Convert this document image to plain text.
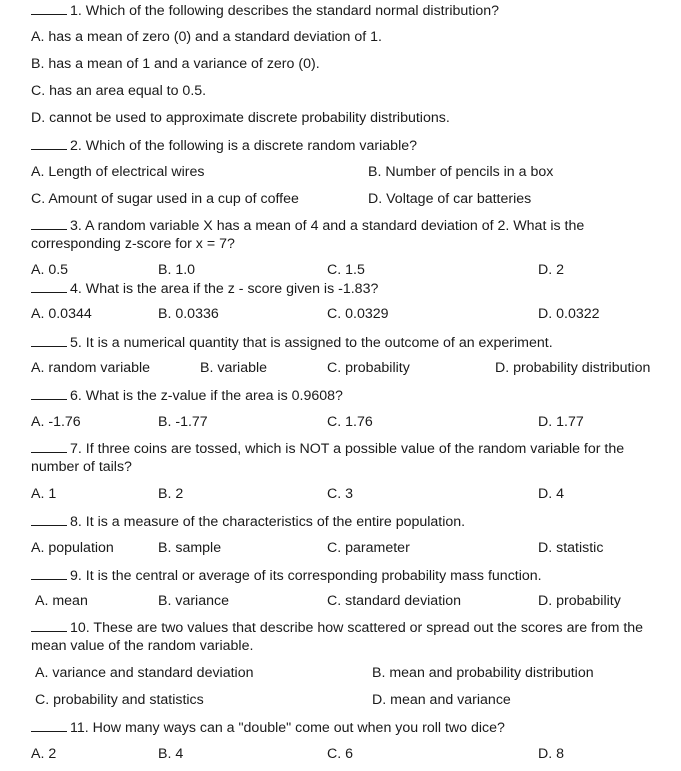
1. Which of the following describes the standard normal distribution?
A. has a mean of zero (0) and a standard deviation of 1.
B. has a mean of 1 and a variance of zero (0).
C. has an area equal to 0.5.
D. cannot be used to approximate discrete probability distributions.
2. Which of the following is a discrete random variable?
A. Length of electrical wires	B. Number of pencils in a box
C. Amount of sugar used in a cup of coffee	D. Voltage of car batteries
3. A random variable X has a mean of 4 and a standard deviation of 2. What is the corresponding z-score for x = 7?
A. 0.5	B. 1.0	C. 1.5	D. 2
4. What is the area if the z - score given is -1.83?
A. 0.0344	B. 0.0336	C. 0.0329	D. 0.0322
5. It is a numerical quantity that is assigned to the outcome of an experiment.
A. random variable	B. variable	C. probability	D. probability distribution
6. What is the z-value if the area is 0.9608?
A. -1.76	B. -1.77	C. 1.76	D. 1.77
7. If three coins are tossed, which is NOT a possible value of the random variable for the number of tails?
A. 1	B. 2	C. 3	D. 4
8. It is a measure of the characteristics of the entire population.
A. population	B. sample	C. parameter	D. statistic
9. It is the central or average of its corresponding probability mass function.
A. mean	B. variance	C. standard deviation	D. probability
10. These are two values that describe how scattered or spread out the scores are from the mean value of the random variable.
A. variance and standard deviation	B. mean and probability distribution
C. probability and statistics	D. mean and variance
11. How many ways can a "double" come out when you roll two dice?
A. 2	B. 4	C. 6	D. 8
